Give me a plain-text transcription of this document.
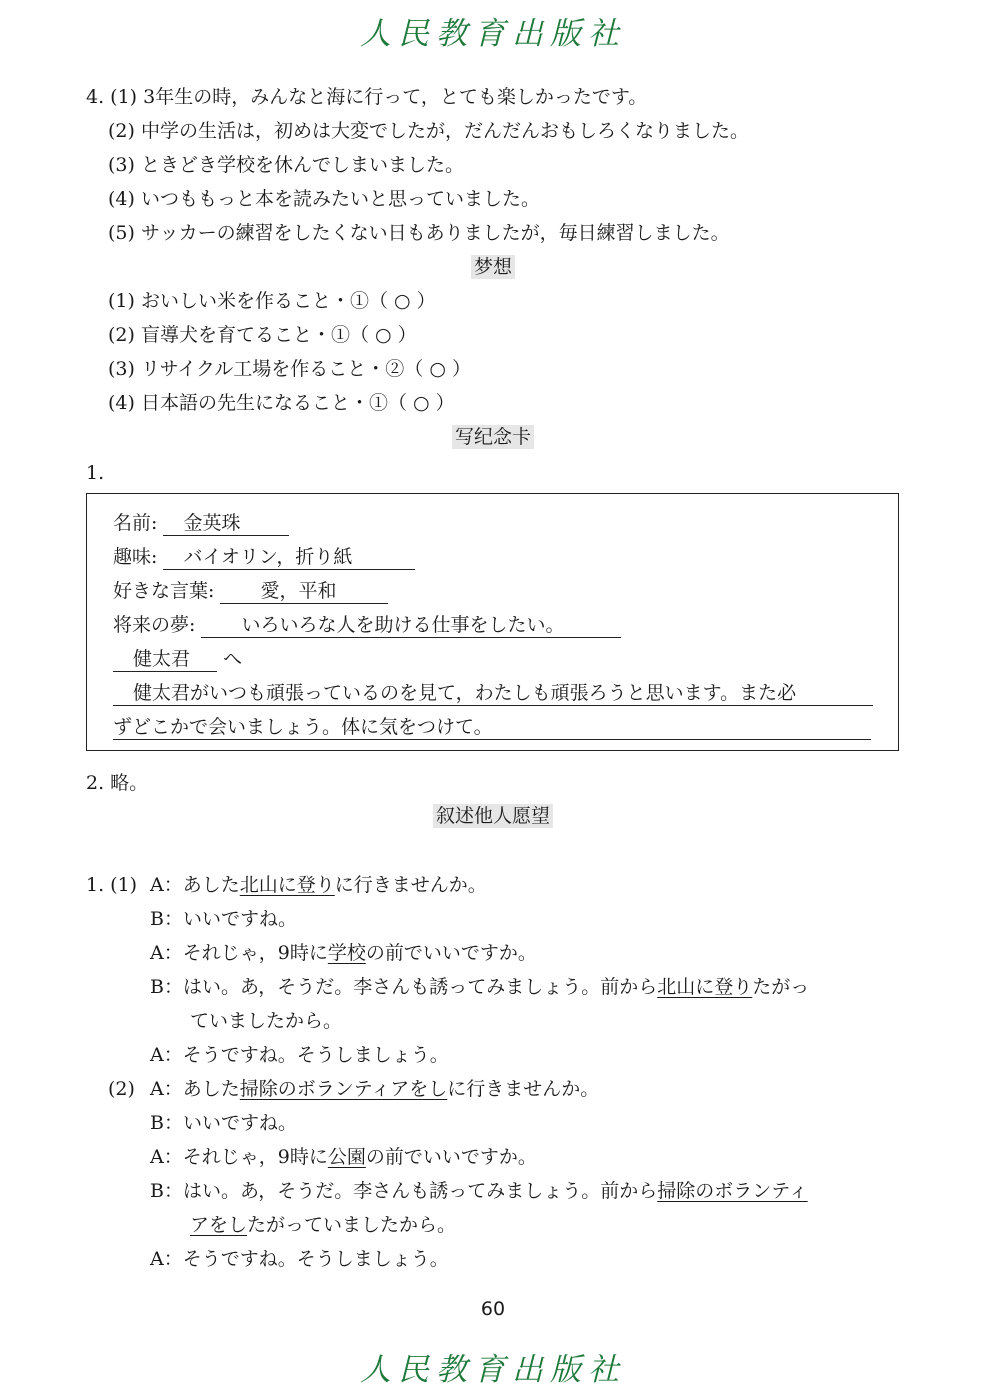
人民教育出版社
4. (1) 3年生の時，みんなと海に行って，とても楽しかったです。
(2) 中学の生活は，初めは大変でしたが，だんだんおもしろくなりました。
(3) ときどき学校を休んでしまいました。
(4) いつももっと本を読みたいと思っていました。
(5) サッカーの練習をしたくない日もありましたが，毎日練習しました。
梦想
(1) おいしい米を作ること・①（ ○ ）
(2) 盲導犬を育てること・①（ ○ ）
(3) リサイクル工場を作ること・②（ ○ ）
(4) 日本語の先生になること・①（ ○ ）
写纪念卡
1.
名前: 金英珠
趣味: バイオリン，折り紙
好きな言葉: 愛，平和
将来の夢: いろいろな人を助ける仕事をしたい。
健太君 へ
健太君がいつも頑張っているのを見て，わたしも頑張ろうと思います。また必
ずどこかで会いましょう。体に気をつけて。
2. 略。
叙述他人愿望
1. (1) A：あした北山に登りに行きませんか。
B：いいですね。
A：それじゃ，9時に学校の前でいいですか。
B：はい。あ，そうだ。李さんも誘ってみましょう。前から北山に登りたがっ
ていましたから。
A：そうですね。そうしましょう。
(2) A：あした掃除のボランティアをしに行きませんか。
B：いいですね。
A：それじゃ，9時に公園の前でいいですか。
B：はい。あ，そうだ。李さんも誘ってみましょう。前から掃除のボランティ
アをしたがっていましたから。
A：そうですね。そうしましょう。
60
人民教育出版社
